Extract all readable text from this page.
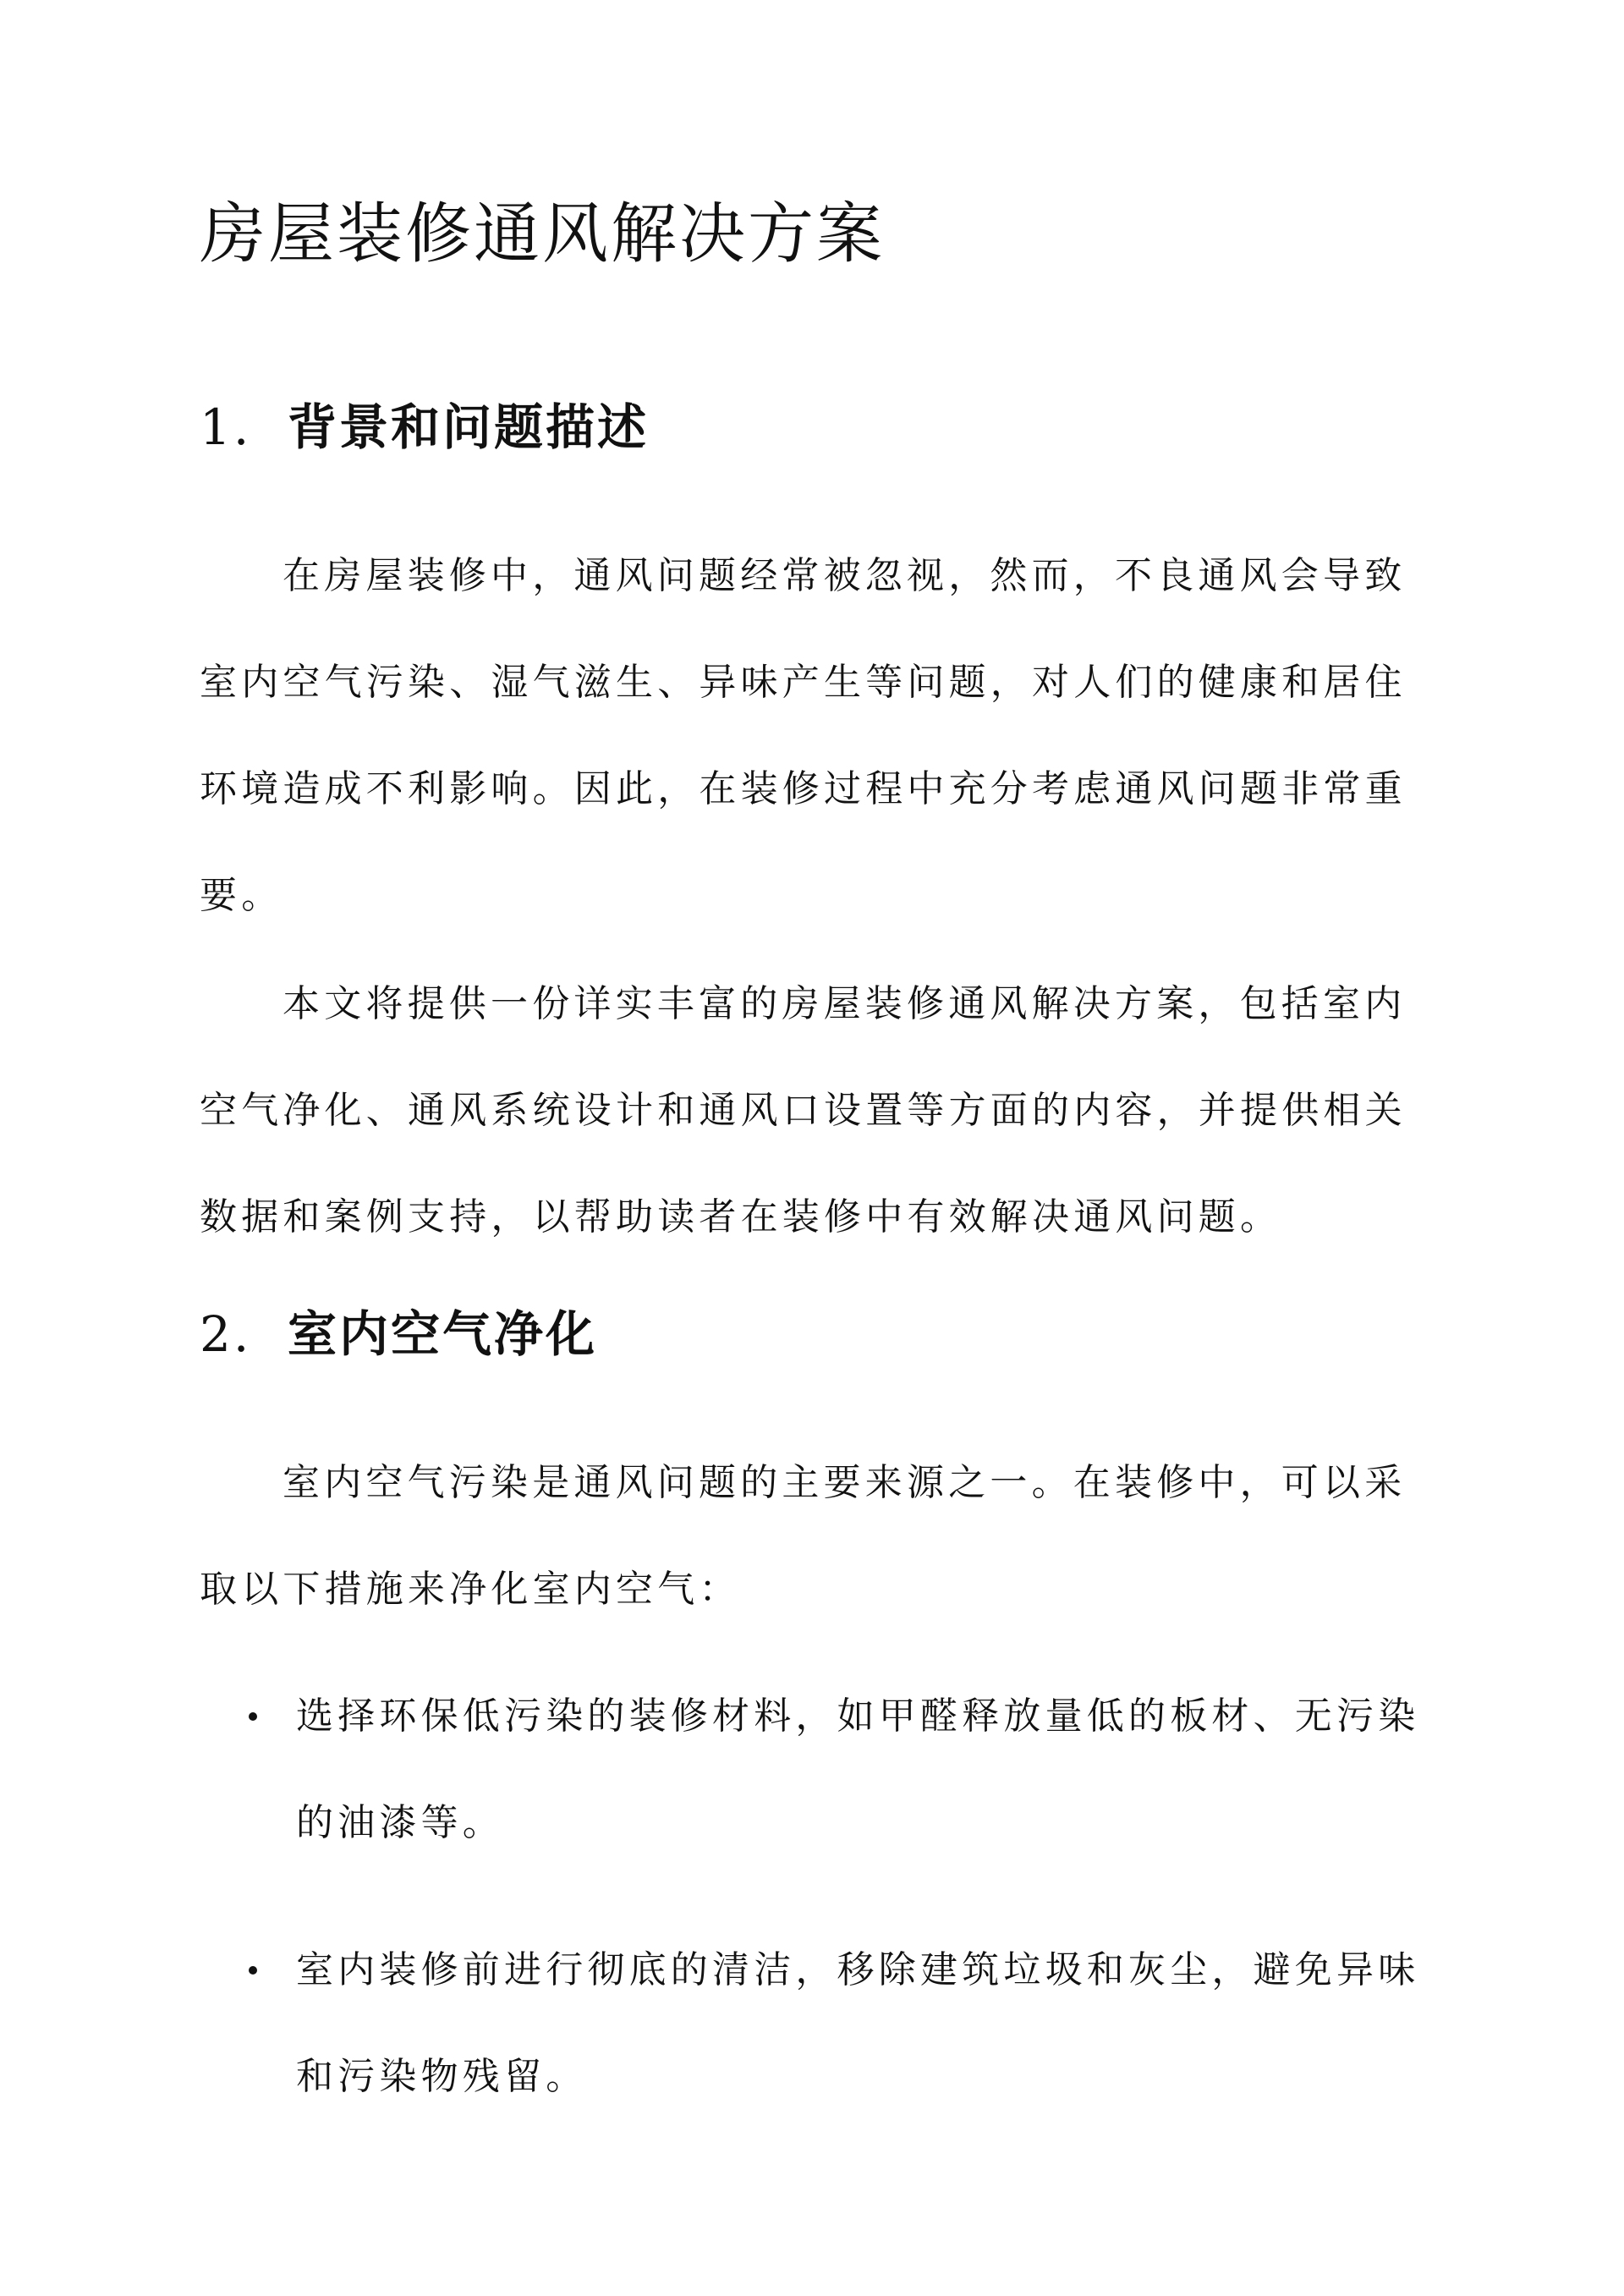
房屋装修通风解决方案
1. 背景和问题描述

在房屋装修中，通风问题经常被忽视，然而，不良通风会导致室内空气污染、湿气滋生、异味产生等问题，对人们的健康和居住环境造成不利影响。因此，在装修过程中充分考虑通风问题非常重要。

本文将提供一份详实丰富的房屋装修通风解决方案，包括室内空气净化、通风系统设计和通风口设置等方面的内容，并提供相关数据和案例支持，以帮助读者在装修中有效解决通风问题。

2. 室内空气净化

室内空气污染是通风问题的主要来源之一。在装修中，可以采取以下措施来净化室内空气：

选择环保低污染的装修材料，如甲醛释放量低的板材、无污染的油漆等。
室内装修前进行彻底的清洁，移除建筑垃圾和灰尘，避免异味和污染物残留。
